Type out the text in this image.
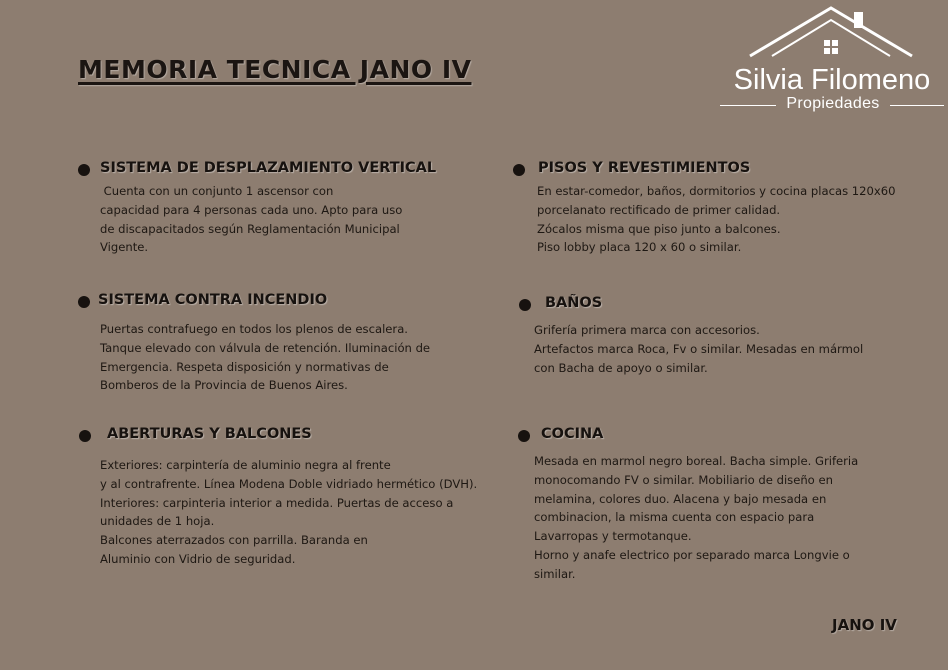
MEMORIA TECNICA JANO IV	Silvia Filomeno
Propiedades
SISTEMA DE DESPLAZAMIENTO VERTICAL
Cuenta con un conjunto 1 ascensor con
capacidad para 4 personas cada uno. Apto para uso
de discapacitados según Reglamentación Municipal
Vigente.
PISOS Y REVESTIMIENTOS
En estar-comedor, baños, dormitorios y cocina placas 120x60
porcelanato rectificado de primer calidad.
Zócalos misma que piso junto a balcones.
Piso lobby placa 120 x 60 o similar.
SISTEMA CONTRA INCENDIO
Puertas contrafuego en todos los plenos de escalera.
Tanque elevado con válvula de retención. Iluminación de
Emergencia. Respeta disposición y normativas de
Bomberos de la Provincia de Buenos Aires.
BAÑOS
Grifería primera marca con accesorios.
Artefactos marca Roca, Fv o similar. Mesadas en mármol
con Bacha de apoyo o similar.
ABERTURAS Y BALCONES
Exteriores: carpintería de aluminio negra al frente
y al contrafrente. Línea Modena Doble vidriado hermético (DVH).
Interiores: carpinteria interior a medida. Puertas de acceso a
unidades de 1 hoja.
Balcones aterrazados con parrilla. Baranda en
Aluminio con Vidrio de seguridad.
COCINA
Mesada en marmol negro boreal. Bacha simple. Griferia
monocomando FV o similar. Mobiliario de diseño en
melamina, colores duo. Alacena y bajo mesada en
combinacion, la misma cuenta con espacio para
Lavarropas y termotanque.
Horno y anafe electrico por separado marca Longvie o
similar.
JANO IV
